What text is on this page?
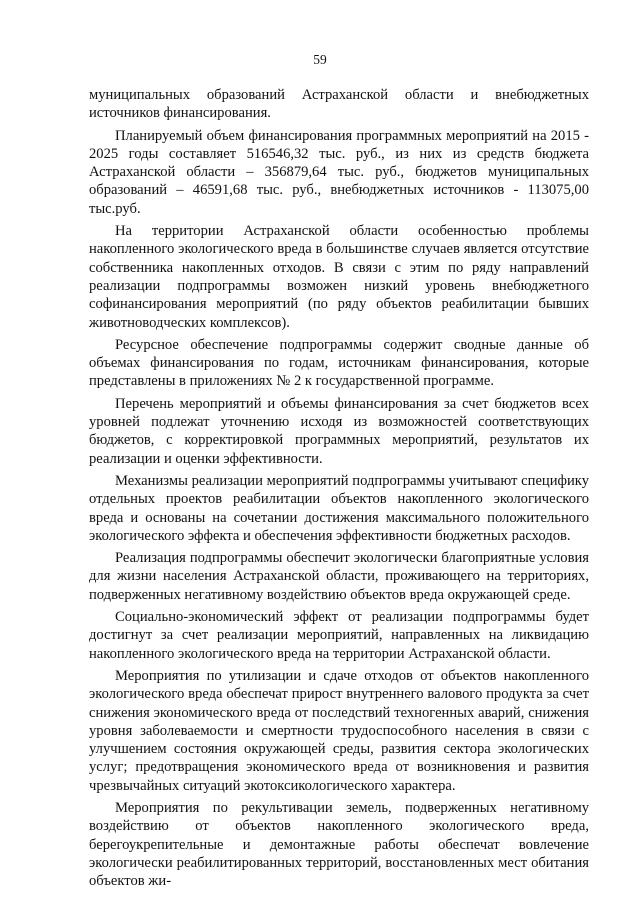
59

муниципальных образований Астраханской области и внебюджетных источников финансирования.

Планируемый объем финансирования программных мероприятий на 2015 - 2025 годы составляет 516546,32 тыс. руб., из них из средств бюджета Астраханской области – 356879,64 тыс. руб., бюджетов муниципальных образований – 46591,68 тыс. руб., внебюджетных источников - 113075,00 тыс.руб.

На территории Астраханской области особенностью проблемы накопленного экологического вреда в большинстве случаев является отсутствие собственника накопленных отходов. В связи с этим по ряду направлений реализации подпрограммы возможен низкий уровень внебюджетного софинансирования мероприятий (по ряду объектов реабилитации бывших животноводческих комплексов).

Ресурсное обеспечение подпрограммы содержит сводные данные об объемах финансирования по годам, источникам финансирования, которые представлены в приложениях № 2 к государственной программе.

Перечень мероприятий и объемы финансирования за счет бюджетов всех уровней подлежат уточнению исходя из возможностей соответствующих бюджетов, с корректировкой программных мероприятий, результатов их реализации и оценки эффективности.

Механизмы реализации мероприятий подпрограммы учитывают специфику отдельных проектов реабилитации объектов накопленного экологического вреда и основаны на сочетании достижения максимального положительного экологического эффекта и обеспечения эффективности бюджетных расходов.

Реализация подпрограммы обеспечит экологически благоприятные условия для жизни населения Астраханской области, проживающего на территориях, подверженных негативному воздействию объектов вреда окружающей среде.

Социально-экономический эффект от реализации подпрограммы будет достигнут за счет реализации мероприятий, направленных на ликвидацию накопленного экологического вреда на территории Астраханской области.

Мероприятия по утилизации и сдаче отходов от объектов накопленного экологического вреда обеспечат прирост внутреннего валового продукта за счет снижения экономического вреда от последствий техногенных аварий, снижения уровня заболеваемости и смертности трудоспособного населения в связи с улучшением состояния окружающей среды, развития сектора экологических услуг; предотвращения экономического вреда от возникновения и развития чрезвычайных ситуаций экотоксикологического характера.

Мероприятия по рекультивации земель, подверженных негативному воздействию от объектов накопленного экологического вреда, берегоукрепительные и демонтажные работы обеспечат вовлечение экологически реабилитированных территорий, восстановленных мест обитания объектов жи-
